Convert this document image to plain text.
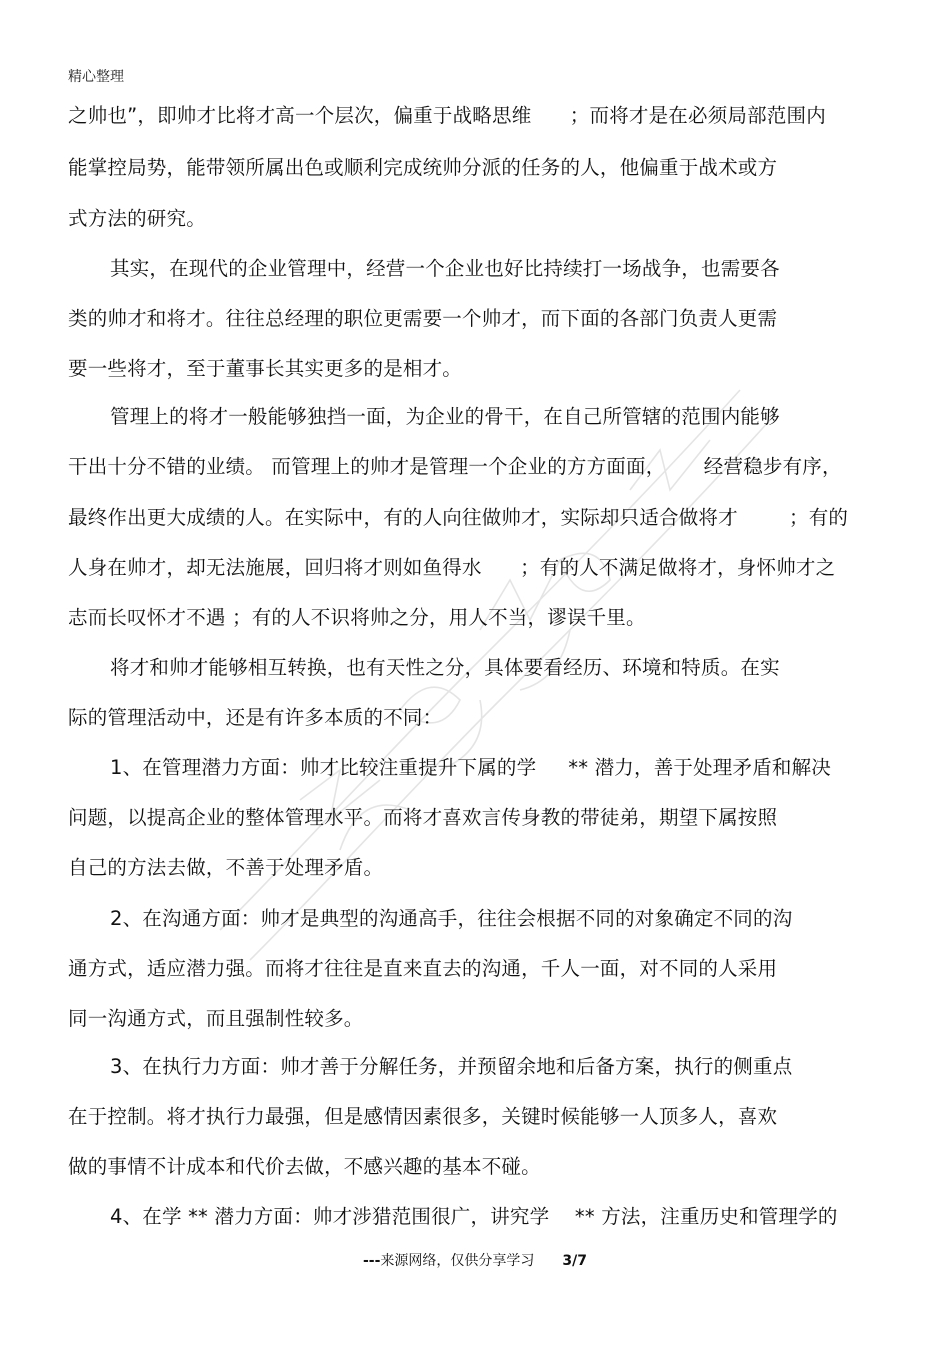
精心整理
之帅也”，即帅才比将才高一个层次，偏重于战略思维      ；而将才是在必须局部范围内
能掌控局势，能带领所属出色或顺利完成统帅分派的任务的人，他偏重于战术或方
式方法的研究。
其实，在现代的企业管理中，经营一个企业也好比持续打一场战争，也需要各
类的帅才和将才。往往总经理的职位更需要一个帅才，而下面的各部门负责人更需
要一些将才，至于董事长其实更多的是相才。
管理上的将才一般能够独挡一面，为企业的骨干，在自己所管辖的范围内能够
干出十分不错的业绩。 而管理上的帅才是管理一个企业的方方面面，      经营稳步有序，
最终作出更大成绩的人。在实际中，有的人向往做帅才，实际却只适合做将才        ；有的
人身在帅才，却无法施展，回归将才则如鱼得水      ；有的人不满足做将才，身怀帅才之
志而长叹怀才不遇 ；有的人不识将帅之分，用人不当，谬误千里。
将才和帅才能够相互转换，也有天性之分，具体要看经历、环境和特质。在实
际的管理活动中，还是有许多本质的不同：
1、在管理潜力方面：帅才比较注重提升下属的学     ** 潜力，善于处理矛盾和解决
问题，以提高企业的整体管理水平。而将才喜欢言传身教的带徒弟，期望下属按照
自己的方法去做，不善于处理矛盾。
2、在沟通方面：帅才是典型的沟通高手，往往会根据不同的对象确定不同的沟
通方式，适应潜力强。而将才往往是直来直去的沟通，千人一面，对不同的人采用
同一沟通方式，而且强制性较多。
3、在执行力方面：帅才善于分解任务，并预留余地和后备方案，执行的侧重点
在于控制。将才执行力最强，但是感情因素很多，关键时候能够一人顶多人，喜欢
做的事情不计成本和代价去做，不感兴趣的基本不碰。
4、在学 ** 潜力方面：帅才涉猎范围很广，讲究学    ** 方法，注重历史和管理学的
---来源网络，仅供分享学习 3/7
